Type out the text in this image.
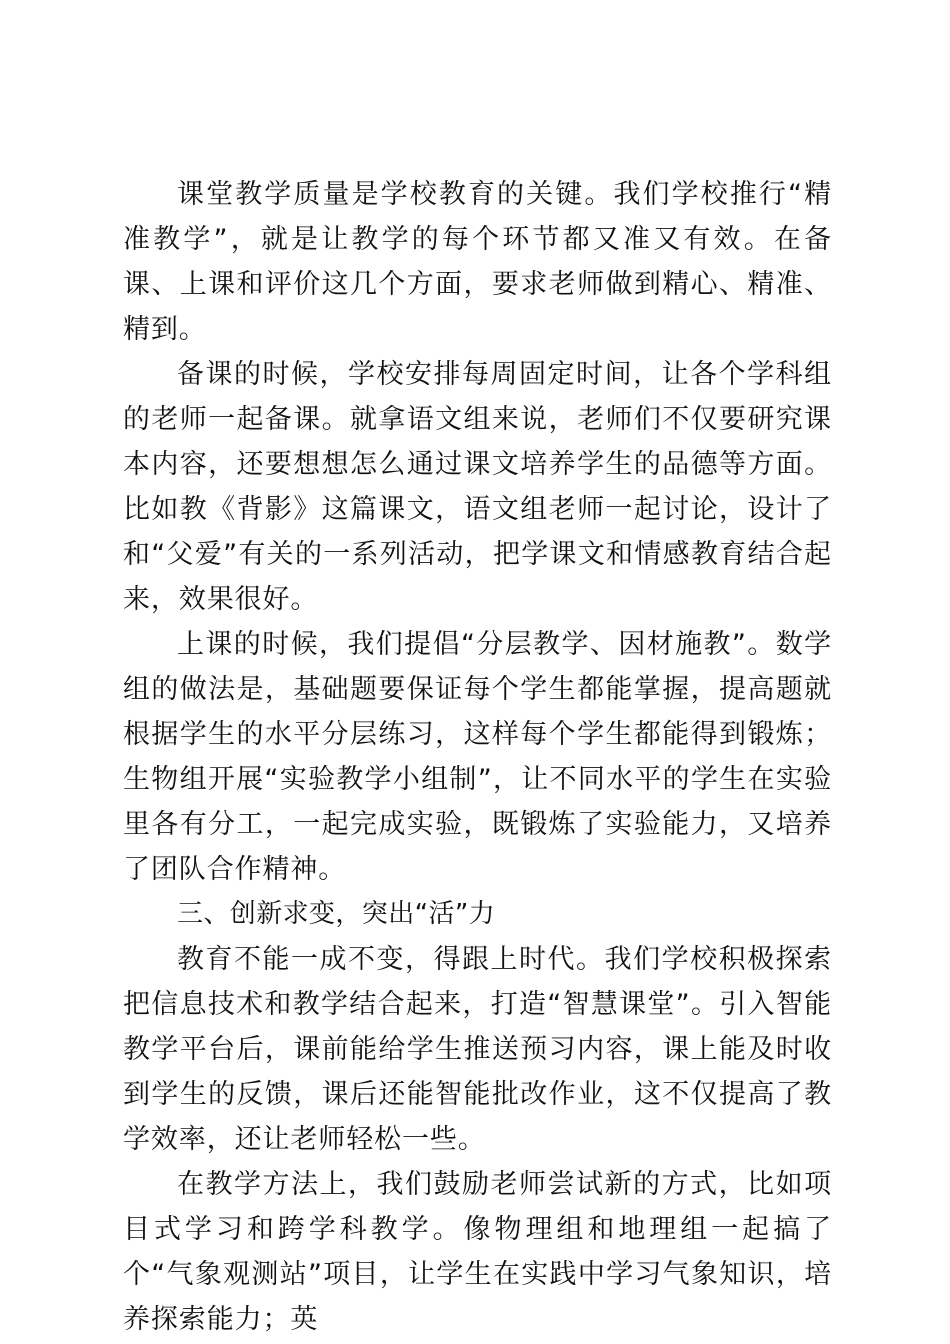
课堂教学质量是学校教育的关键。我们学校推行“精准教学”，就是让教学的每个环节都又准又有效。在备课、上课和评价这几个方面，要求老师做到精心、精准、精到。

备课的时候，学校安排每周固定时间，让各个学科组的老师一起备课。就拿语文组来说，老师们不仅要研究课本内容，还要想想怎么通过课文培养学生的品德等方面。比如教《背影》这篇课文，语文组老师一起讨论，设计了和“父爱”有关的一系列活动，把学课文和情感教育结合起来，效果很好。

上课的时候，我们提倡“分层教学、因材施教”。数学组的做法是，基础题要保证每个学生都能掌握，提高题就根据学生的水平分层练习，这样每个学生都能得到锻炼；生物组开展“实验教学小组制”，让不同水平的学生在实验里各有分工，一起完成实验，既锻炼了实验能力，又培养了团队合作精神。

三、创新求变，突出“活”力

教育不能一成不变，得跟上时代。我们学校积极探索把信息技术和教学结合起来，打造“智慧课堂”。引入智能教学平台后，课前能给学生推送预习内容，课上能及时收到学生的反馈，课后还能智能批改作业，这不仅提高了教学效率，还让老师轻松一些。

在教学方法上，我们鼓励老师尝试新的方式，比如项目式学习和跨学科教学。像物理组和地理组一起搞了个“气象观测站”项目，让学生在实践中学习气象知识，培养探索能力；英
